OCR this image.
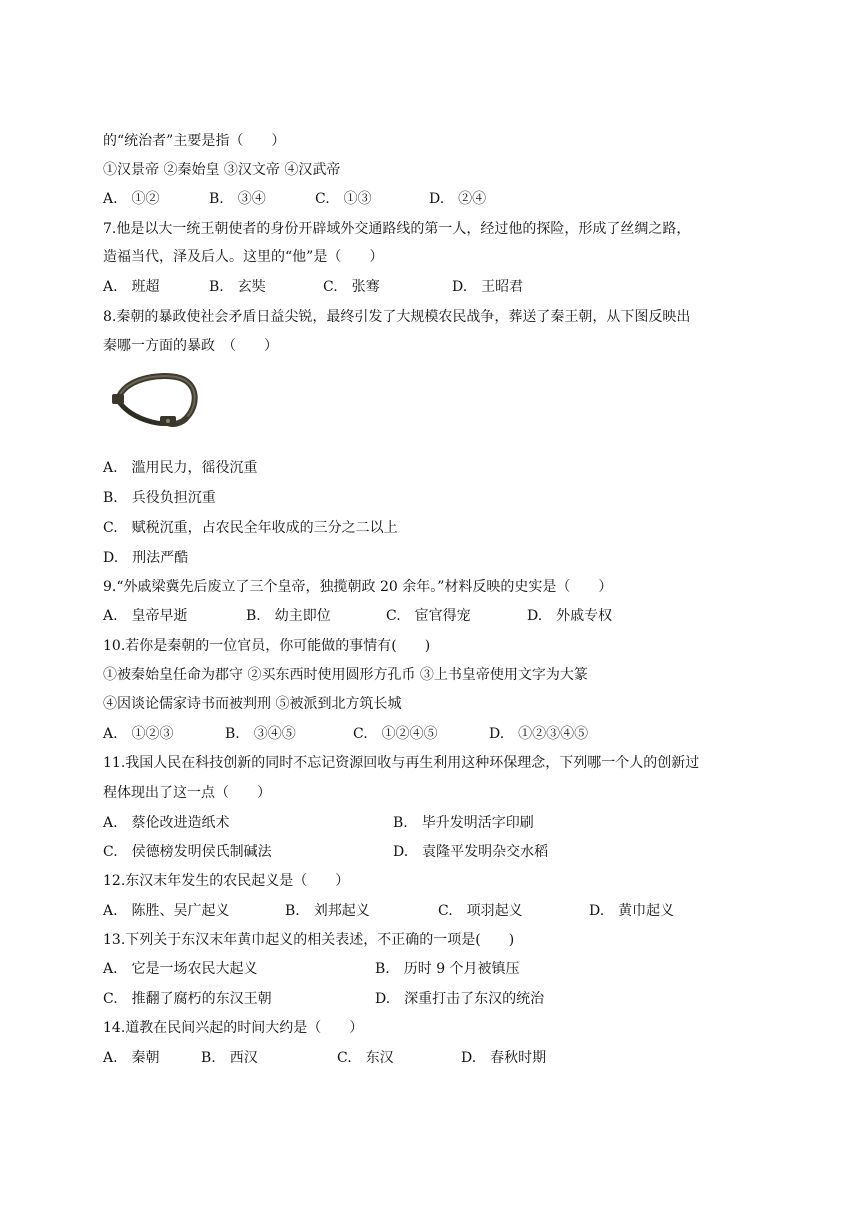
的“统治者”主要是指（　　）
①汉景帝 ②秦始皇 ③汉文帝 ④汉武帝
A.　①②	B.　③④	C.　①③	D.　②④
7.他是以大一统王朝使者的身份开辟域外交通路线的第一人，经过他的探险，形成了丝绸之路，
造福当代，泽及后人。这里的“他”是（　　）
A.　班超	B.　玄奘	C.　张骞	D.　王昭君
8.秦朝的暴政使社会矛盾日益尖锐，最终引发了大规模农民战争，葬送了秦王朝，从下图反映出
秦哪一方面的暴政　（　　）
A.　滥用民力，徭役沉重
B.　兵役负担沉重
C.　赋税沉重，占农民全年收成的三分之二以上
D.　刑法严酷
9.“外戚梁冀先后废立了三个皇帝，独揽朝政 20 余年。”材料反映的史实是（　　）
A.　皇帝早逝	B.　幼主即位	C.　宦官得宠	D.　外戚专权
10.若你是秦朝的一位官员，你可能做的事情有(　　)
①被秦始皇任命为郡守 ②买东西时使用圆形方孔币 ③上书皇帝使用文字为大篆
④因谈论儒家诗书而被判刑 ⑤被派到北方筑长城
A.　①②③	B.　③④⑤	C.　①②④⑤	D.　①②③④⑤
11.我国人民在科技创新的同时不忘记资源回收与再生利用这种环保理念，下列哪一个人的创新过
程体现出了这一点（　　）
A.　蔡伦改进造纸术	B.　毕升发明活字印刷
C.　侯德榜发明侯氏制碱法	D.　袁隆平发明杂交水稻
12.东汉末年发生的农民起义是（　　）
A.　陈胜、吴广起义	B.　刘邦起义	C.　项羽起义	D.　黄巾起义
13.下列关于东汉末年黄巾起义的相关表述，不正确的一项是(　　)
A.　它是一场农民大起义	B.　历时 9 个月被镇压
C.　推翻了腐朽的东汉王朝	D.　深重打击了东汉的统治
14.道教在民间兴起的时间大约是（　　）
A.　秦朝	B.　西汉	C.　东汉	D.　春秋时期
